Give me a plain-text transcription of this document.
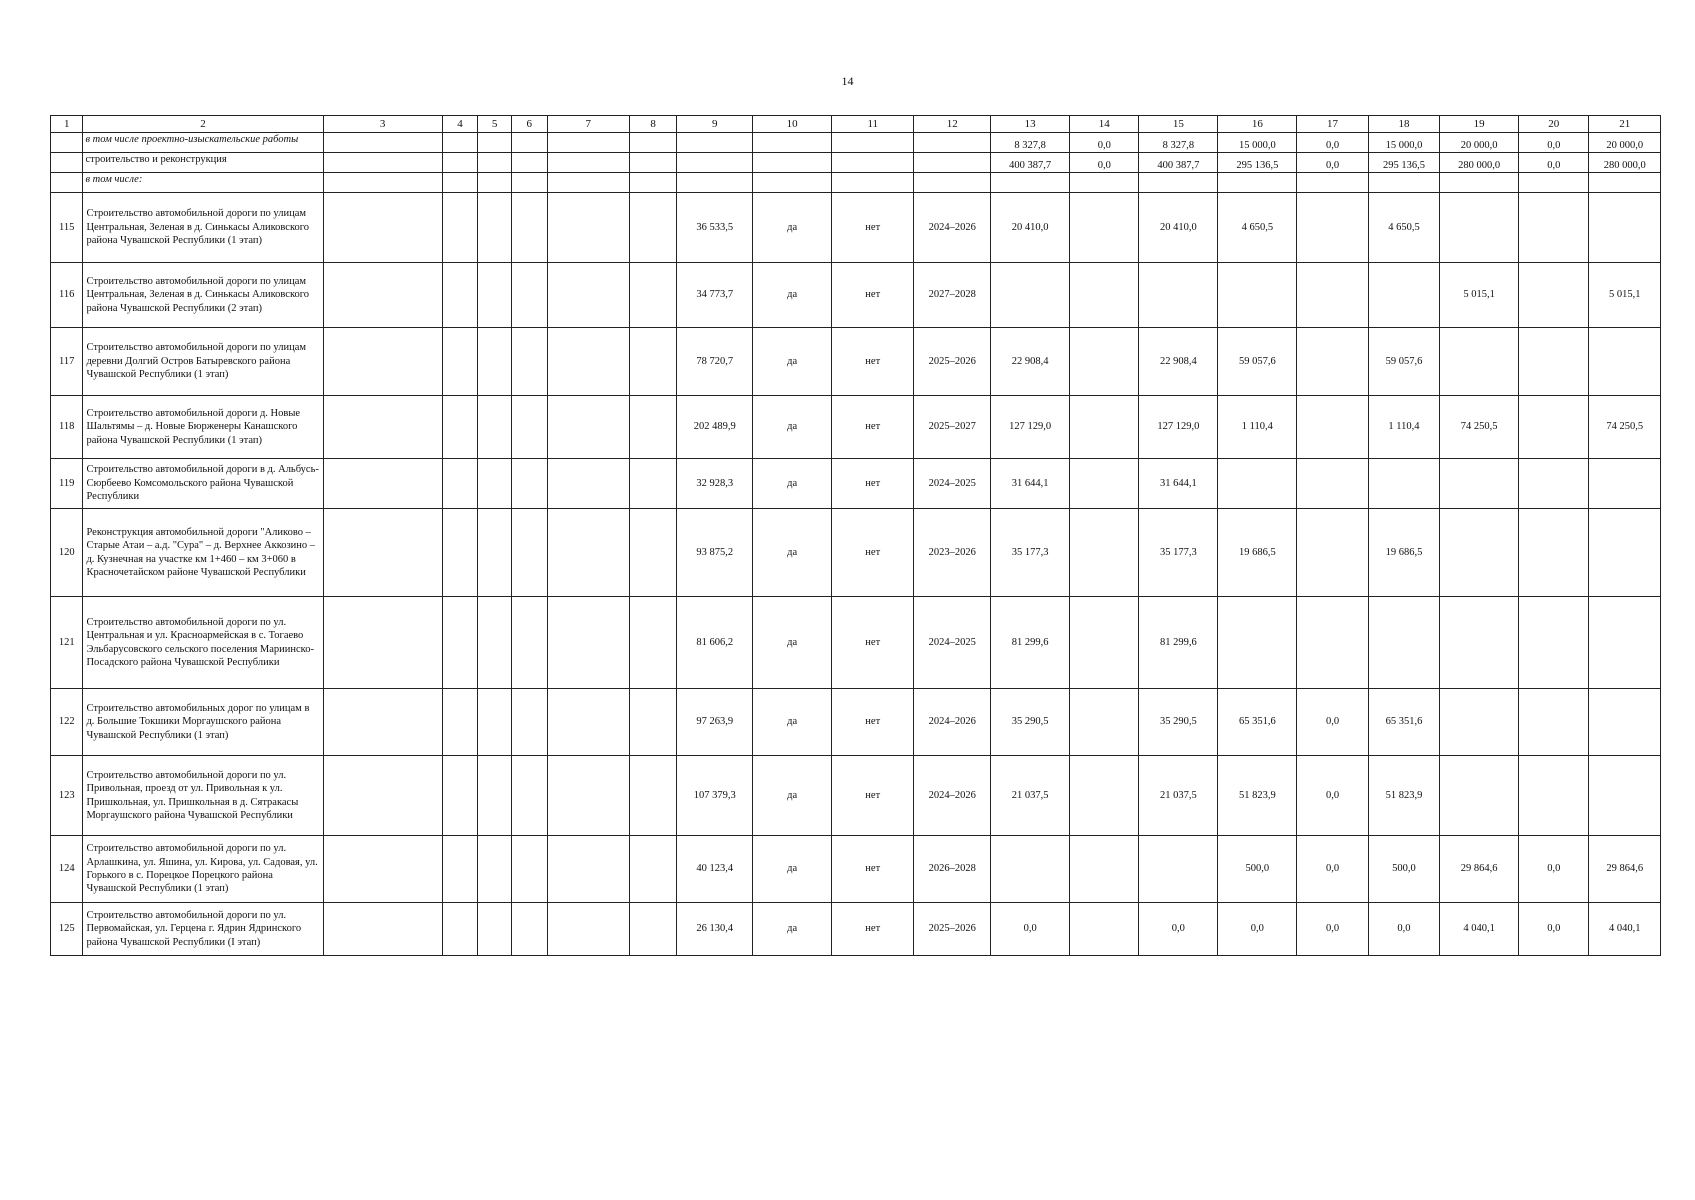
14
1	2	3	4	5	6	7	8	9	10	11	12	13	14	15	16	17	18	19	20	21
	в том числе проектно-изыскательские работы											8 327,8	0,0	8 327,8	15 000,0	0,0	15 000,0	20 000,0	0,0	20 000,0
	строительство и реконструкция											400 387,7	0,0	400 387,7	295 136,5	0,0	295 136,5	280 000,0	0,0	280 000,0
	в том числе:																			
115	Строительство автомобильной дороги по улицам Центральная, Зеленая в д. Синькасы Аликовского района Чувашской Республики (1 этап)							36 533,5	да	нет	2024–2026	20 410,0		20 410,0	4 650,5		4 650,5			
116	Строительство автомобильной дороги по улицам Центральная, Зеленая в д. Синькасы Аликовского района Чувашской Республики (2 этап)							34 773,7	да	нет	2027–2028							5 015,1		5 015,1
117	Строительство автомобильной дороги по улицам деревни Долгий Остров Батыревского района Чувашской Республики (1 этап)							78 720,7	да	нет	2025–2026	22 908,4		22 908,4	59 057,6		59 057,6			
118	Строительство автомобильной дороги д. Новые Шальтямы – д. Новые Бюрженеры Канашского района Чувашской Республики (1 этап)							202 489,9	да	нет	2025–2027	127 129,0		127 129,0	1 110,4		1 110,4	74 250,5		74 250,5
119	Строительство автомобильной дороги в д. Альбусь-Сюрбеево Комсомольского района Чувашской Республики							32 928,3	да	нет	2024–2025	31 644,1		31 644,1						
120	Реконструкция автомобильной дороги "Аликово – Старые Атаи – а.д. "Сура" – д. Верхнее Аккозино – д. Кузнечная на участке км 1+460 – км 3+060 в Красночетайском районе Чувашской Республики							93 875,2	да	нет	2023–2026	35 177,3		35 177,3	19 686,5		19 686,5			
121	Строительство автомобильной дороги по ул. Центральная и ул. Красноармейская в с. Тогаево Эльбарусовского сельского поселения Мариинско-Посадского района Чувашской Республики							81 606,2	да	нет	2024–2025	81 299,6		81 299,6						
122	Строительство автомобильных дорог по улицам в д. Большие Токшики Моргаушского района Чувашской Республики (1 этап)							97 263,9	да	нет	2024–2026	35 290,5		35 290,5	65 351,6	0,0	65 351,6			
123	Строительство автомобильной дороги по ул. Привольная, проезд от ул. Привольная к ул. Пришкольная, ул. Пришкольная в д. Сятракасы Моргаушского района Чувашской Республики							107 379,3	да	нет	2024–2026	21 037,5		21 037,5	51 823,9	0,0	51 823,9			
124	Строительство автомобильной дороги по ул. Арлашкина, ул. Яшина, ул. Кирова, ул. Садовая, ул. Горького в с. Порецкое Порецкого района Чувашской Республики (1 этап)							40 123,4	да	нет	2026–2028				500,0	0,0	500,0	29 864,6	0,0	29 864,6
125	Строительство автомобильной дороги по ул. Первомайская, ул. Герцена г. Ядрин Ядринского района Чувашской Республики (I этап)							26 130,4	да	нет	2025–2026	0,0		0,0	0,0	0,0	0,0	4 040,1	0,0	4 040,1
